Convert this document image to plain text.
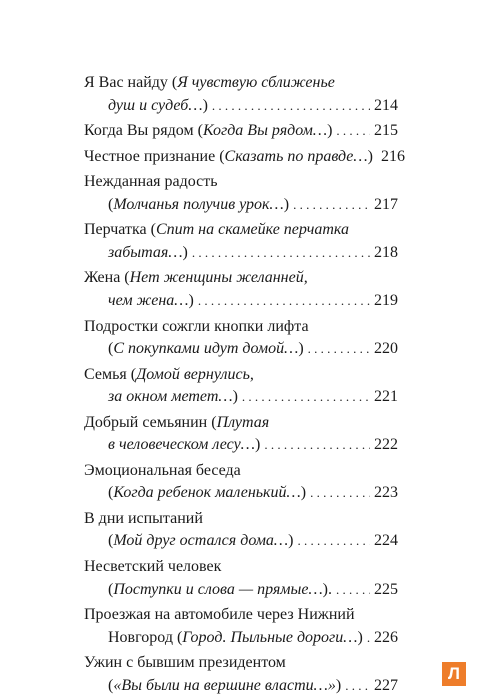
Я Вас найду (Я чувствую сближенье
душ и судеб…) . . .	214
Когда Вы рядом (Когда Вы рядом…) . . .	215
Честное признание (Сказать по правде…) 216
Нежданная радость
(Молчанья получив урок…) . . .	217
Перчатка (Спит на скамейке перчатка
забытая…) . . .	218
Жена (Нет женщины желанней,
чем жена…) . . .	219
Подростки сожгли кнопки лифта
(С покупками идут домой…) . . .	220
Семья (Домой вернулись,
за окном метет…) . . .	221
Добрый семьянин (Плутая
в человеческом лесу…) . . .	222
Эмоциональная беседа
(Когда ребенок маленький…) . . .	223
В дни испытаний
(Мой друг остался дома…) . . .	224
Несветский человек
(Поступки и слова — прямые…). . . .	225
Проезжая на автомобиле через Нижний
Новгород (Город. Пыльные дороги…) . . . 226
Ужин с бывшим президентом
(«Вы были на вершине власти…») . . . 227
Л
